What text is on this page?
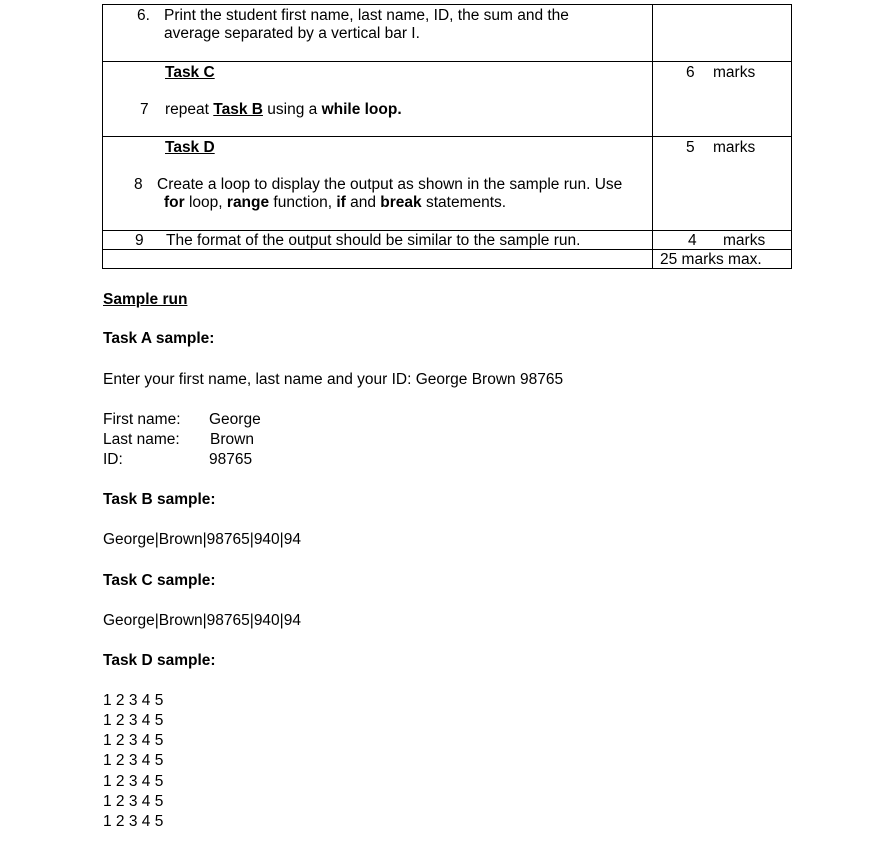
6. Print the student first name, last name, ID, the sum and the
average separated by a vertical bar I.
Task C	6 marks
7 repeat Task B using a while loop.
Task D	5 marks
8 Create a loop to display the output as shown in the sample run. Use
for loop, range function, if and break statements.
9 The format of the output should be similar to the sample run.	4 marks
25 marks max.
Sample run
Task A sample:
Enter your first name, last name and your ID: George Brown 98765
First name: George
Last name: Brown
ID:	98765
Task B sample:
George|Brown|98765|940|94
Task C sample:
George|Brown|98765|940|94
Task D sample:
1 2 3 4 5
1 2 3 4 5
1 2 3 4 5
1 2 3 4 5
1 2 3 4 5
1 2 3 4 5
1 2 3 4 5
